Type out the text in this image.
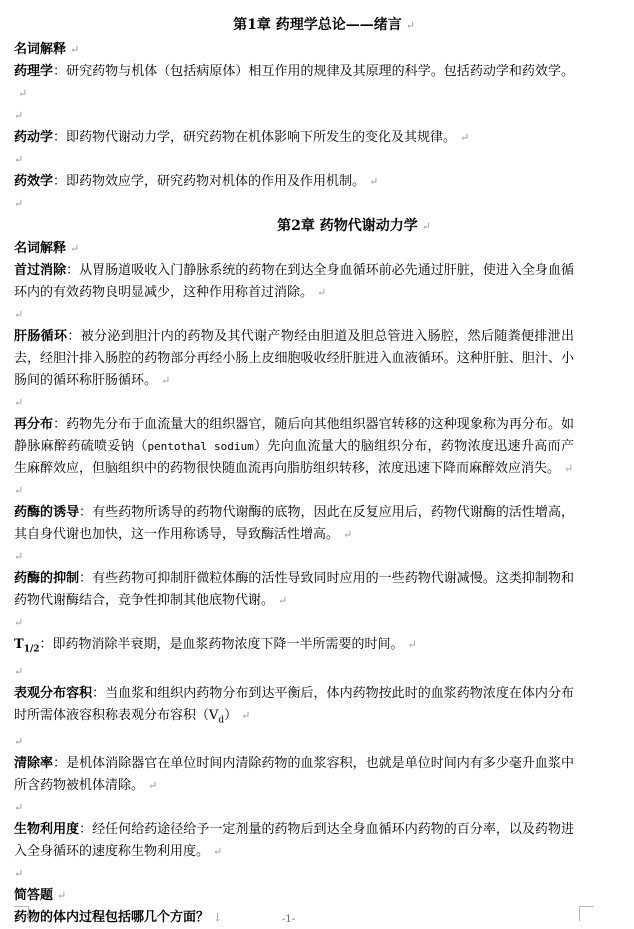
第1章 药理学总论——绪言 ↵
名词解释 ↵
药理学：研究药物与机体（包括病原体）相互作用的规律及其原理的科学。包括药动学和药效学。↵
↵
药动学：即药物代谢动力学，研究药物在机体影响下所发生的变化及其规律。 ↵
↵
药效学：即药物效应学，研究药物对机体的作用及作用机制。 ↵
↵
第2章 药物代谢动力学 ↵
名词解释 ↵
首过消除：从胃肠道吸收入门静脉系统的药物在到达全身血循环前必先通过肝脏，使进入全身血循环内的有效药物良明显减少，这种作用称首过消除。 ↵
↵
肝肠循环：被分泌到胆汁内的药物及其代谢产物经由胆道及胆总管进入肠腔，然后随粪便排泄出去，经胆汁排入肠腔的药物部分再经小肠上皮细胞吸收经肝脏进入血液循环。这种肝脏、胆汁、小肠间的循环称肝肠循环。 ↵
↵
再分布：药物先分布于血流量大的组织器官，随后向其他组织器官转移的这种现象称为再分布。如静脉麻醉药硫喷妥钠（pentothal sodium）先向血流量大的脑组织分布，药物浓度迅速升高而产生麻醉效应，但脑组织中的药物很快随血流再向脂肪组织转移，浓度迅速下降而麻醉效应消失。 ↵
↵
药酶的诱导：有些药物所诱导的药物代谢酶的底物，因此在反复应用后，药物代谢酶的活性增高，其自身代谢也加快，这一作用称诱导，导致酶活性增高。 ↵
↵
药酶的抑制：有些药物可抑制肝微粒体酶的活性导致同时应用的一些药物代谢减慢。这类抑制物和药物代谢酶结合，竞争性抑制其他底物代谢。 ↵
↵
$T_{1/2}$：即药物消除半衰期，是血浆药物浓度下降一半所需要的时间。 ↵
↵
表观分布容积：当血浆和组织内药物分布到达平衡后，体内药物按此时的血浆药物浓度在体内分布时所需体液容积称表观分布容积$(V_d)$ ↵
↵
清除率：是机体消除器官在单位时间内清除药物的血浆容积，也就是单位时间内有多少毫升血浆中所含药物被机体清除。 ↵
↵
生物利用度：经任何给药途径给予一定剂量的药物后到达全身血循环内药物的百分率，以及药物进入全身循环的速度称生物利用度。 ↵
↵
简答题 ↵
药物的体内过程包括哪几个方面？ ↓	-1-
